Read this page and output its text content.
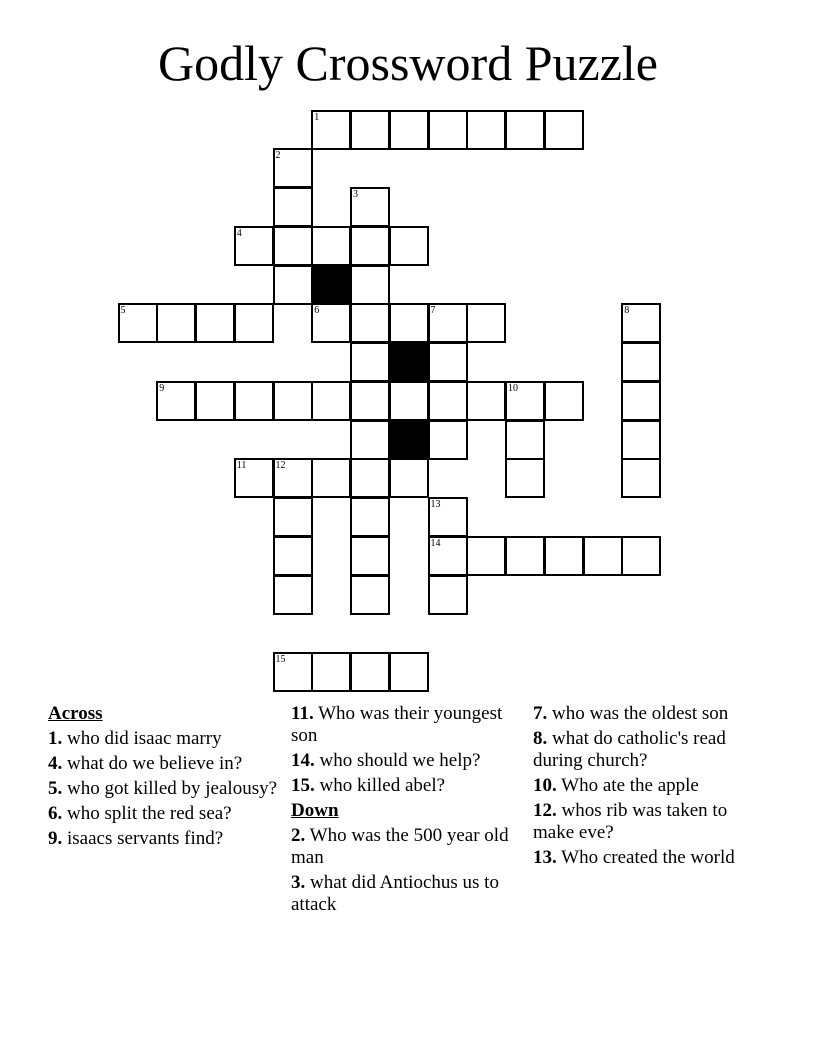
Godly Crossword Puzzle
1
2
3
4
5	6	7	8
9	10
11	12
13
14
15
Across
1. who did isaac marry
4. what do we believe in?
5. who got killed by jealousy?
6. who split the red sea?
9. isaacs servants find?
11. Who was their youngest son
14. who should we help?
15. who killed abel?
Down
2. Who was the 500 year old man
3. what did Antiochus us to attack
7. who was the oldest son
8. what do catholic's read during church?
10. Who ate the apple
12. whos rib was taken to make eve?
13. Who created the world
